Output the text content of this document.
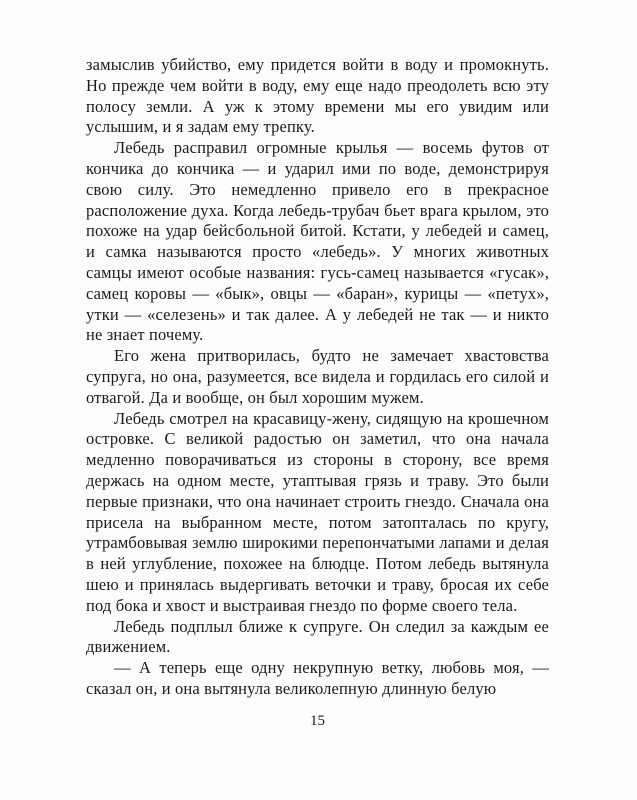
замыслив убийство, ему придется войти в воду и промокнуть. Но прежде чем войти в воду, ему еще надо преодолеть всю эту полосу земли. А уж к этому времени мы его увидим или услышим, и я задам ему трепку.

Лебедь расправил огромные крылья — восемь футов от кончика до кончика — и ударил ими по воде, демонстрируя свою силу. Это немедленно привело его в прекрасное расположение духа. Когда лебедь-трубач бьет врага крылом, это похоже на удар бейсбольной битой. Кстати, у лебедей и самец, и самка называются просто «лебедь». У многих животных самцы имеют особые названия: гусь-самец называется «гусак», самец коровы — «бык», овцы — «баран», курицы — «петух», утки — «селезень» и так далее. А у лебедей не так — и никто не знает почему.

Его жена притворилась, будто не замечает хвастовства супруга, но она, разумеется, все видела и гордилась его силой и отвагой. Да и вообще, он был хорошим мужем.

Лебедь смотрел на красавицу-жену, сидящую на крошечном островке. С великой радостью он заметил, что она начала медленно поворачиваться из стороны в сторону, все время держась на одном месте, утаптывая грязь и траву. Это были первые признаки, что она начинает строить гнездо. Сначала она присела на выбранном месте, потом затопталась по кругу, утрамбовывая землю широкими перепончатыми лапами и делая в ней углубление, похожее на блюдце. Потом лебедь вытянула шею и принялась выдергивать веточки и траву, бросая их себе под бока и хвост и выстраивая гнездо по форме своего тела.

Лебедь подплыл ближе к супруге. Он следил за каждым ее движением.

— А теперь еще одну некрупную ветку, любовь моя, — сказал он, и она вытянула великолепную длинную белую

15
